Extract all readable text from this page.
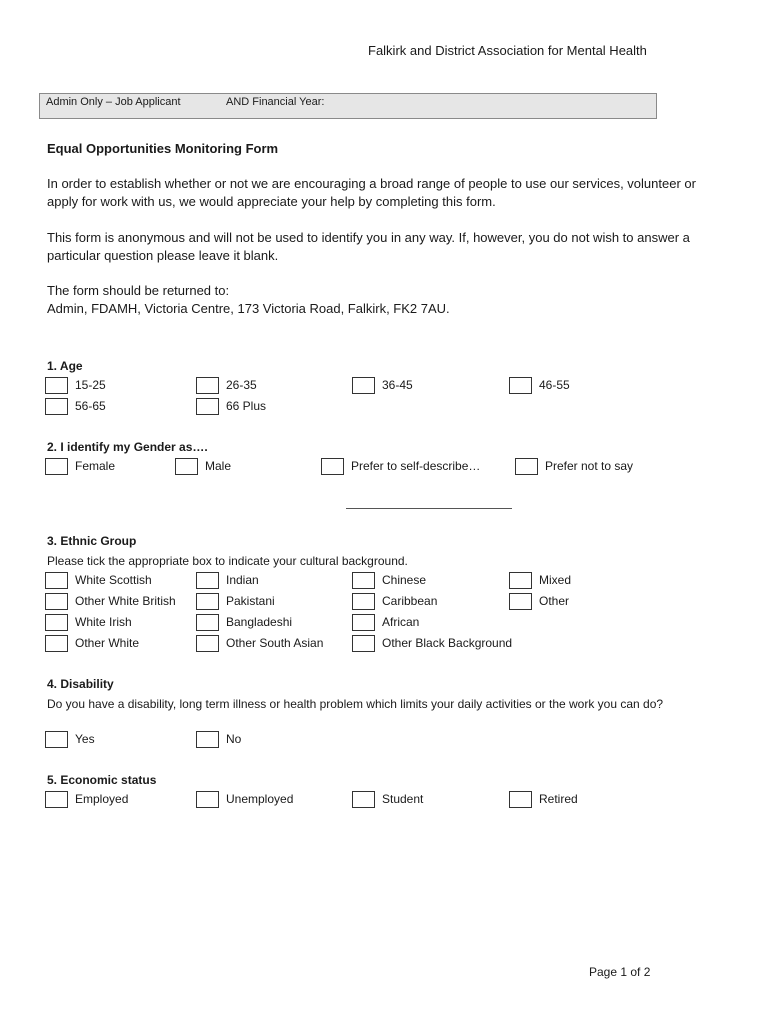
Falkirk and District Association for Mental Health
Admin Only – Job Applicant	AND Financial Year:
Equal Opportunities Monitoring Form
In order to establish whether or not we are encouraging a broad range of people to use our services, volunteer or apply for work with us, we would appreciate your help by completing this form.
This form is anonymous and will not be used to identify you in any way. If, however, you do not wish to answer a particular question please leave it blank.
The form should be returned to:
Admin, FDAMH, Victoria Centre, 173 Victoria Road, Falkirk, FK2 7AU.
1. Age
15-25	26-35	36-45	46-55
56-65	66 Plus
2. I identify my Gender as….
Female	Male	Prefer to self-describe…	Prefer not to say
3. Ethnic Group
Please tick the appropriate box to indicate your cultural background.
White Scottish	Indian	Chinese	Mixed
Other White British	Pakistani	Caribbean	Other
White Irish	Bangladeshi	African
Other White	Other South Asian	Other Black Background
4. Disability
Do you have a disability, long term illness or health problem which limits your daily activities or the work you can do?
Yes	No
5. Economic status
Employed	Unemployed	Student	Retired
Page 1 of 2
